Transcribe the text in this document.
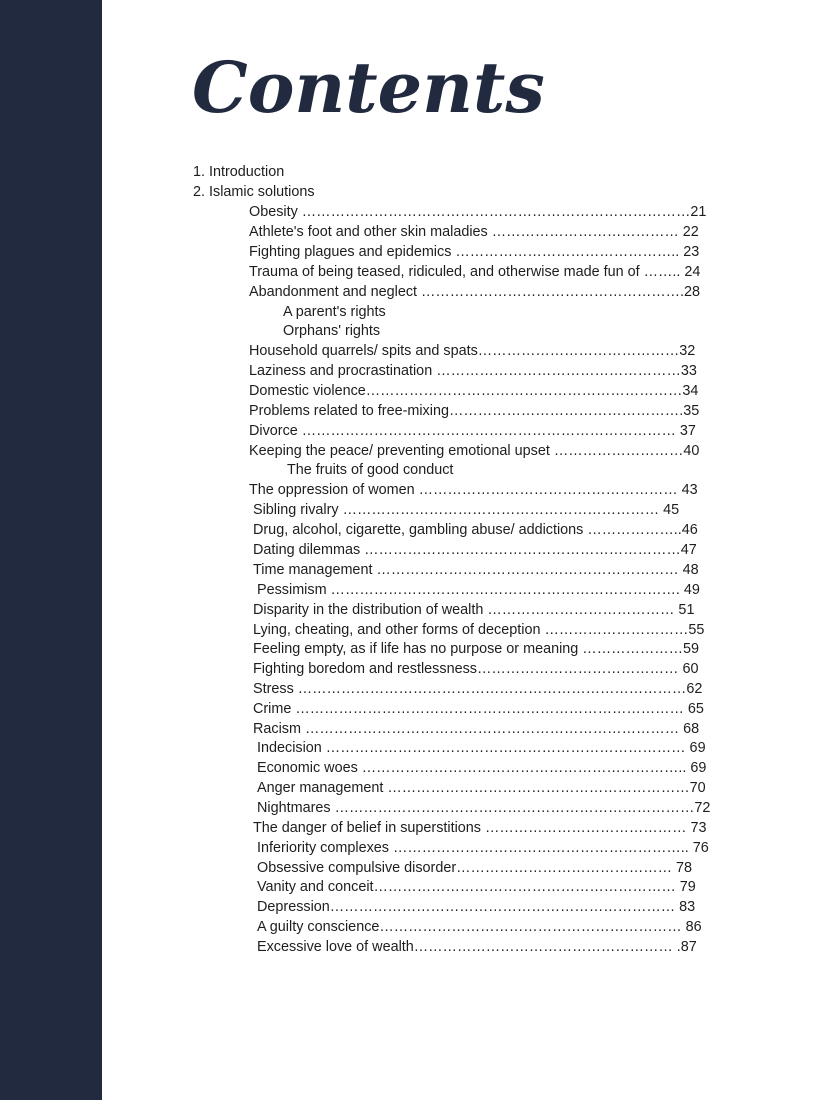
Contents
1. Introduction
2. Islamic solutions
Obesity ………………………………………………………………………21
Athlete's foot and other skin maladies ………………………………… 22
Fighting plagues and epidemics ……………………………………….. 23
Trauma of being teased, ridiculed, and otherwise made fun of …….. 24
Abandonment and neglect ……………………………………………….28
A parent's rights
Orphans' rights
Household quarrels/ spits and spats……………………………………32
Laziness and procrastination ……………………………………………33
Domestic violence…………………………………………………………34
Problems related to free-mixing………………………………………….35
Divorce …………………………………………………………………… 37
Keeping the peace/ preventing emotional upset ………………………40
The fruits of good conduct
The oppression of women ……………………………………………… 43
Sibling rivalry ………………………………………………………… 45
Drug, alcohol, cigarette, gambling abuse/ addictions ………………..46
Dating dilemmas …………………………………………………………47
Time management ……………………………………………………… 48
Pessimism ………………………………………………………………. 49
Disparity in the distribution of wealth ………………………………… 51
Lying, cheating, and other forms of deception …………………………55
Feeling empty, as if life has no purpose or meaning …………………59
Fighting boredom and restlessness…………………………………… 60
Stress ………………………………………………………………………62
Crime ……………………………………………………………………… 65
Racism …………………………………………………………………… 68
Indecision ………………………………………………………………… 69
Economic woes ………………………………………………………….. 69
Anger management ………………………………………………………70
Nightmares …………………………………………………………………72
The danger of belief in superstitions …………………………………… 73
Inferiority complexes …………………………………………………….. 76
Obsessive compulsive disorder……………………………………… 78
Vanity and conceit……………………………………………………… 79
Depression……………………………………………………………… 83
A guilty conscience……………………………………………………… 86
Excessive love of wealth……………………………………………… .87
